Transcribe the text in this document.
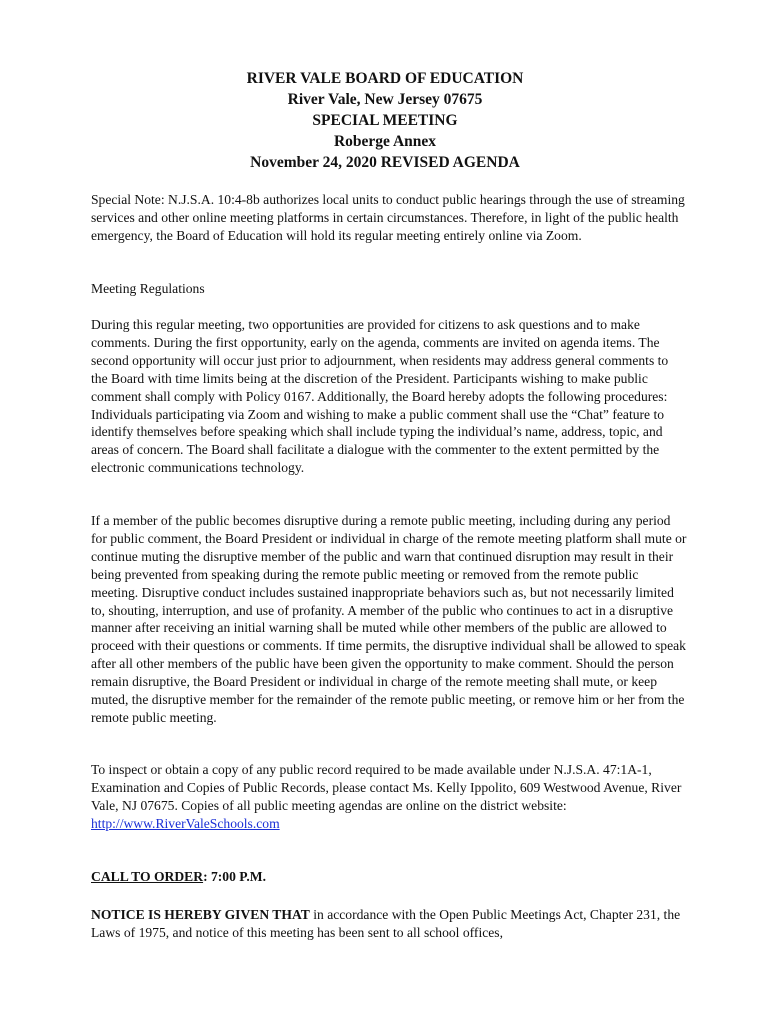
RIVER VALE BOARD OF EDUCATION
River Vale, New Jersey 07675
SPECIAL MEETING
Roberge Annex
November 24, 2020 REVISED AGENDA

Special Note: N.J.S.A. 10:4-8b authorizes local units to conduct public hearings through the use of streaming services and other online meeting platforms in certain circumstances. Therefore, in light of the public health emergency, the Board of Education will hold its regular meeting entirely online via Zoom.

Meeting Regulations

During this regular meeting, two opportunities are provided for citizens to ask questions and to make comments. During the first opportunity, early on the agenda, comments are invited on agenda items. The second opportunity will occur just prior to adjournment, when residents may address general comments to the Board with time limits being at the discretion of the President. Participants wishing to make public comment shall comply with Policy 0167. Additionally, the Board hereby adopts the following procedures: Individuals participating via Zoom and wishing to make a public comment shall use the “Chat” feature to identify themselves before speaking which shall include typing the individual’s name, address, topic, and areas of concern. The Board shall facilitate a dialogue with the commenter to the extent permitted by the electronic communications technology.

If a member of the public becomes disruptive during a remote public meeting, including during any period for public comment, the Board President or individual in charge of the remote meeting platform shall mute or continue muting the disruptive member of the public and warn that continued disruption may result in their being prevented from speaking during the remote public meeting or removed from the remote public meeting. Disruptive conduct includes sustained inappropriate behaviors such as, but not necessarily limited to, shouting, interruption, and use of profanity. A member of the public who continues to act in a disruptive manner after receiving an initial warning shall be muted while other members of the public are allowed to proceed with their questions or comments. If time permits, the disruptive individual shall be allowed to speak after all other members of the public have been given the opportunity to make comment. Should the person remain disruptive, the Board President or individual in charge of the remote meeting shall mute, or keep muted, the disruptive member for the remainder of the remote public meeting, or remove him or her from the remote public meeting.

To inspect or obtain a copy of any public record required to be made available under N.J.S.A. 47:1A-1, Examination and Copies of Public Records, please contact Ms. Kelly Ippolito, 609 Westwood Avenue, River Vale, NJ 07675. Copies of all public meeting agendas are online on the district website: http://www.RiverValeSchools.com

CALL TO ORDER: 7:00 P.M.

NOTICE IS HEREBY GIVEN THAT in accordance with the Open Public Meetings Act, Chapter 231, the Laws of 1975, and notice of this meeting has been sent to all school offices,
